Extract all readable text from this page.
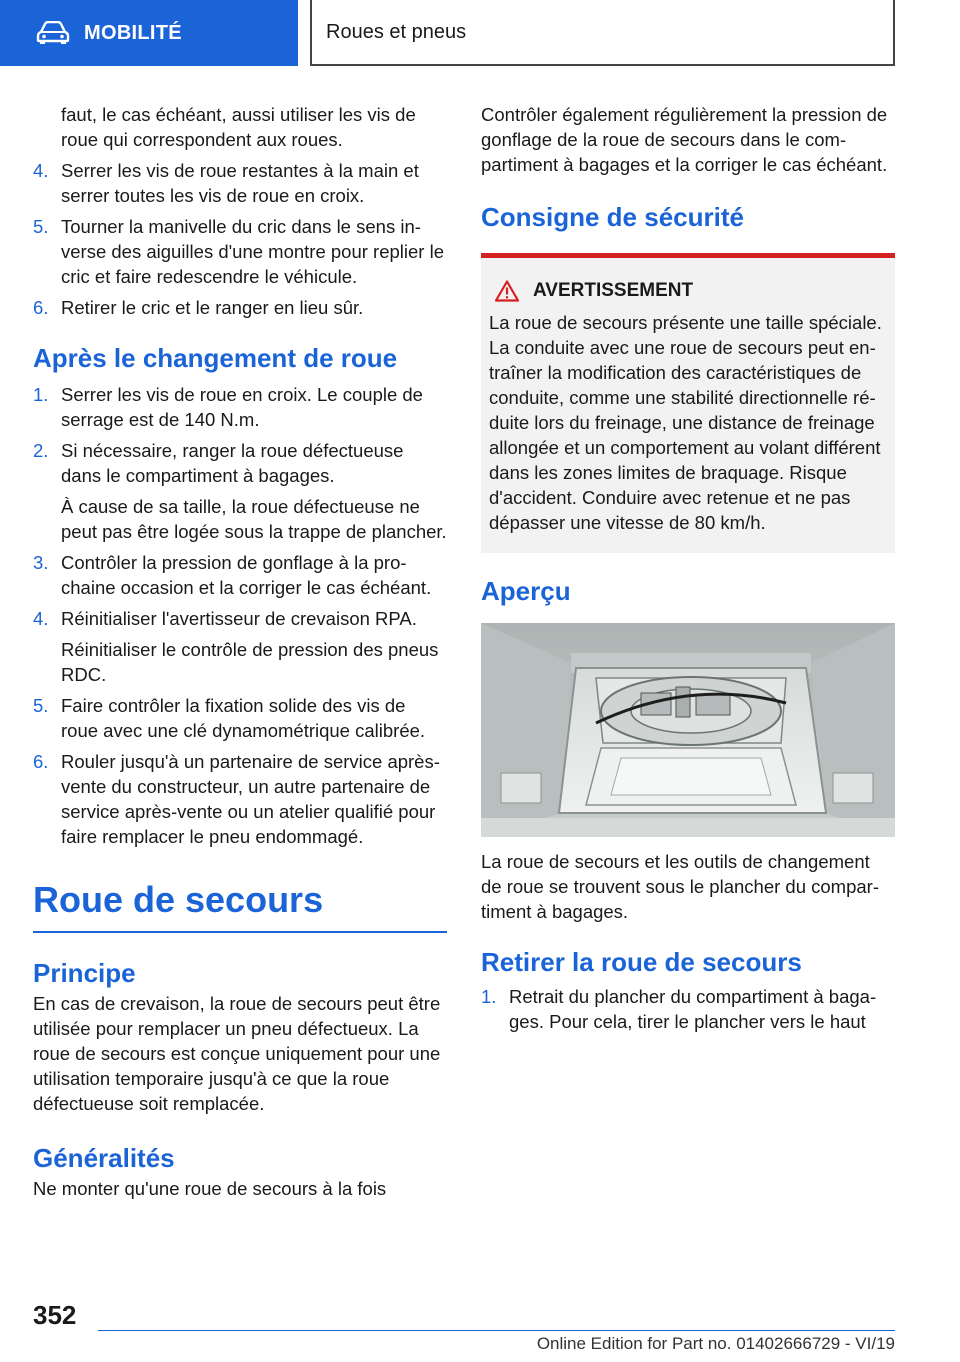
MOBILITÉ	Roues et pneus

faut, le cas échéant, aussi utiliser les vis de roue qui correspondent aux roues.

4. Serrer les vis de roue restantes à la main et serrer toutes les vis de roue en croix.
5. Tourner la manivelle du cric dans le sens inverse des aiguilles d'une montre pour replier le cric et faire redescendre le véhicule.
6. Retirer le cric et le ranger en lieu sûr.
Après le changement de roue
1. Serrer les vis de roue en croix. Le couple de serrage est de 140 N.m.
2. Si nécessaire, ranger la roue défectueuse dans le compartiment à bagages.

À cause de sa taille, la roue défectueuse ne peut pas être logée sous la trappe de plancher.

3. Contrôler la pression de gonflage à la prochaine occasion et la corriger le cas échéant.
4. Réinitialiser l'avertisseur de crevaison RPA.

Réinitialiser le contrôle de pression des pneus RDC.

5. Faire contrôler la fixation solide des vis de roue avec une clé dynamométrique calibrée.
6. Rouler jusqu'à un partenaire de service après-vente du constructeur, un autre partenaire de service après-vente ou un atelier qualifié pour faire remplacer le pneu endommagé.
Roue de secours
Principe

En cas de crevaison, la roue de secours peut être utilisée pour remplacer un pneu défectueux. La roue de secours est conçue uniquement pour une utilisation temporaire jusqu'à ce que la roue défectueuse soit remplacée.

Généralités

Ne monter qu'une roue de secours à la fois

Contrôler également régulièrement la pression de gonflage de la roue de secours dans le compartiment à bagages et la corriger le cas échéant.

Consigne de sécurité
AVERTISSEMENT

La roue de secours présente une taille spéciale. La conduite avec une roue de secours peut entraîner la modification des caractéristiques de conduite, comme une stabilité directionnelle réduite lors du freinage, une distance de freinage allongée et un comportement au volant différent dans les zones limites de braquage. Risque d'accident. Conduire avec retenue et ne pas dépasser une vitesse de 80 km/h.

Aperçu

La roue de secours et les outils de changement de roue se trouvent sous le plancher du compartiment à bagages.

Retirer la roue de secours
1. Retrait du plancher du compartiment à bagages. Pour cela, tirer le plancher vers le haut
352
Online Edition for Part no. 01402666729 - VI/19
